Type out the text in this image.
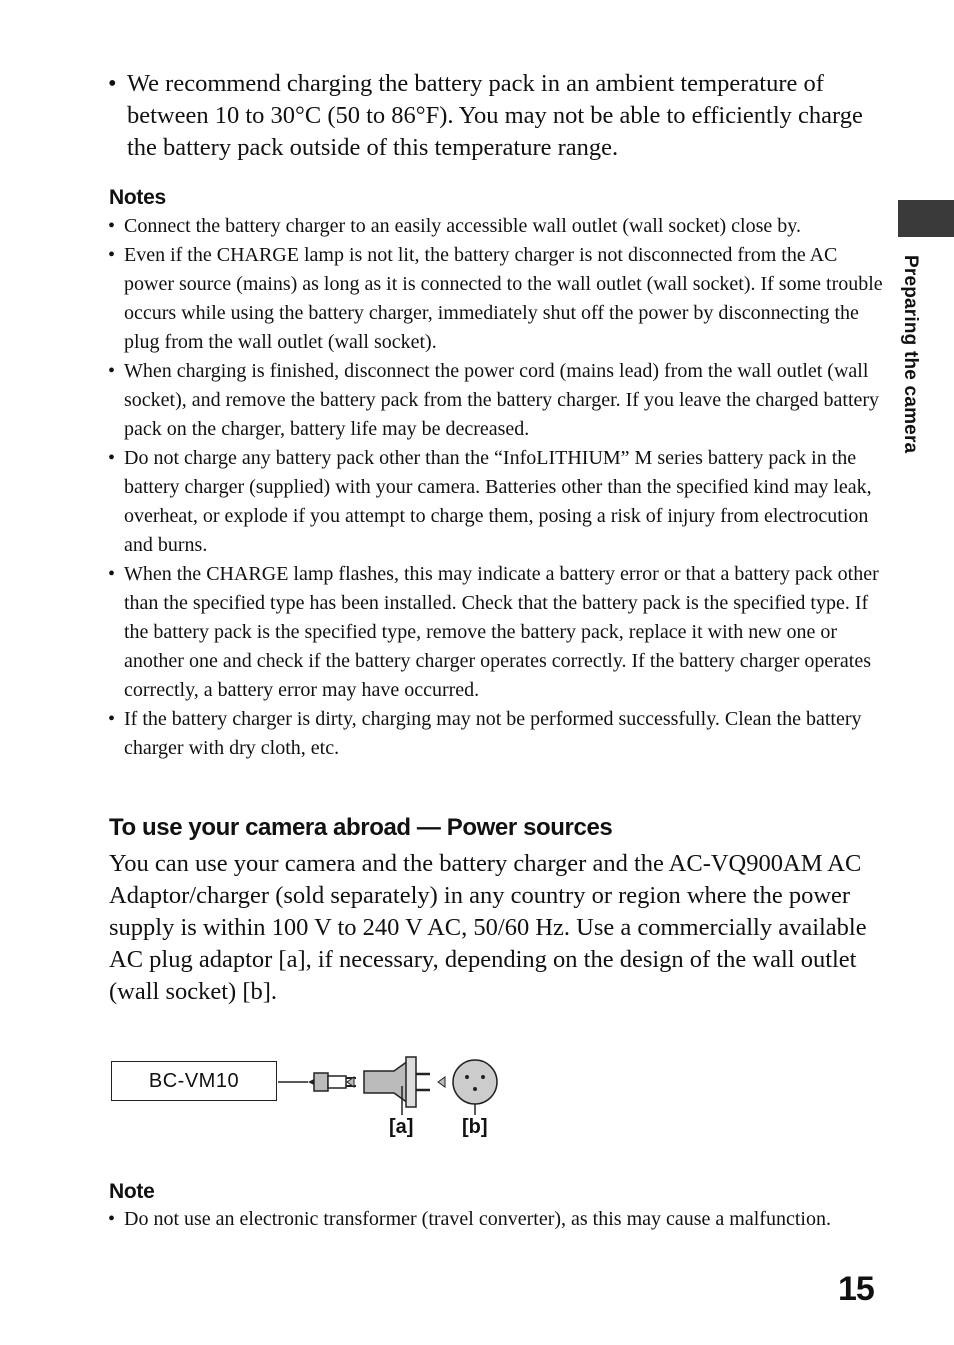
• We recommend charging the battery pack in an ambient temperature of between 10 to 30°C (50 to 86°F). You may not be able to efficiently charge the battery pack outside of this temperature range.
Notes
• Connect the battery charger to an easily accessible wall outlet (wall socket) close by.
• Even if the CHARGE lamp is not lit, the battery charger is not disconnected from the AC power source (mains) as long as it is connected to the wall outlet (wall socket). If some trouble occurs while using the battery charger, immediately shut off the power by disconnecting the plug from the wall outlet (wall socket).
• When charging is finished, disconnect the power cord (mains lead) from the wall outlet (wall socket), and remove the battery pack from the battery charger. If you leave the charged battery pack on the charger, battery life may be decreased.
• Do not charge any battery pack other than the “InfoLITHIUM” M series battery pack in the battery charger (supplied) with your camera. Batteries other than the specified kind may leak, overheat, or explode if you attempt to charge them, posing a risk of injury from electrocution and burns.
• When the CHARGE lamp flashes, this may indicate a battery error or that a battery pack other than the specified type has been installed. Check that the battery pack is the specified type. If the battery pack is the specified type, remove the battery pack, replace it with new one or another one and check if the battery charger operates correctly. If the battery charger operates correctly, a battery error may have occurred.
• If the battery charger is dirty, charging may not be performed successfully. Clean the battery charger with dry cloth, etc.
To use your camera abroad — Power sources
You can use your camera and the battery charger and the AC-VQ900AM AC Adaptor/charger (sold separately) in any country or region where the power supply is within 100 V to 240 V AC, 50/60 Hz. Use a commercially available AC plug adaptor [a], if necessary, depending on the design of the wall outlet (wall socket) [b].
BC-VM10
[a] [b]
Note
• Do not use an electronic transformer (travel converter), as this may cause a malfunction.
Preparing the camera
15
